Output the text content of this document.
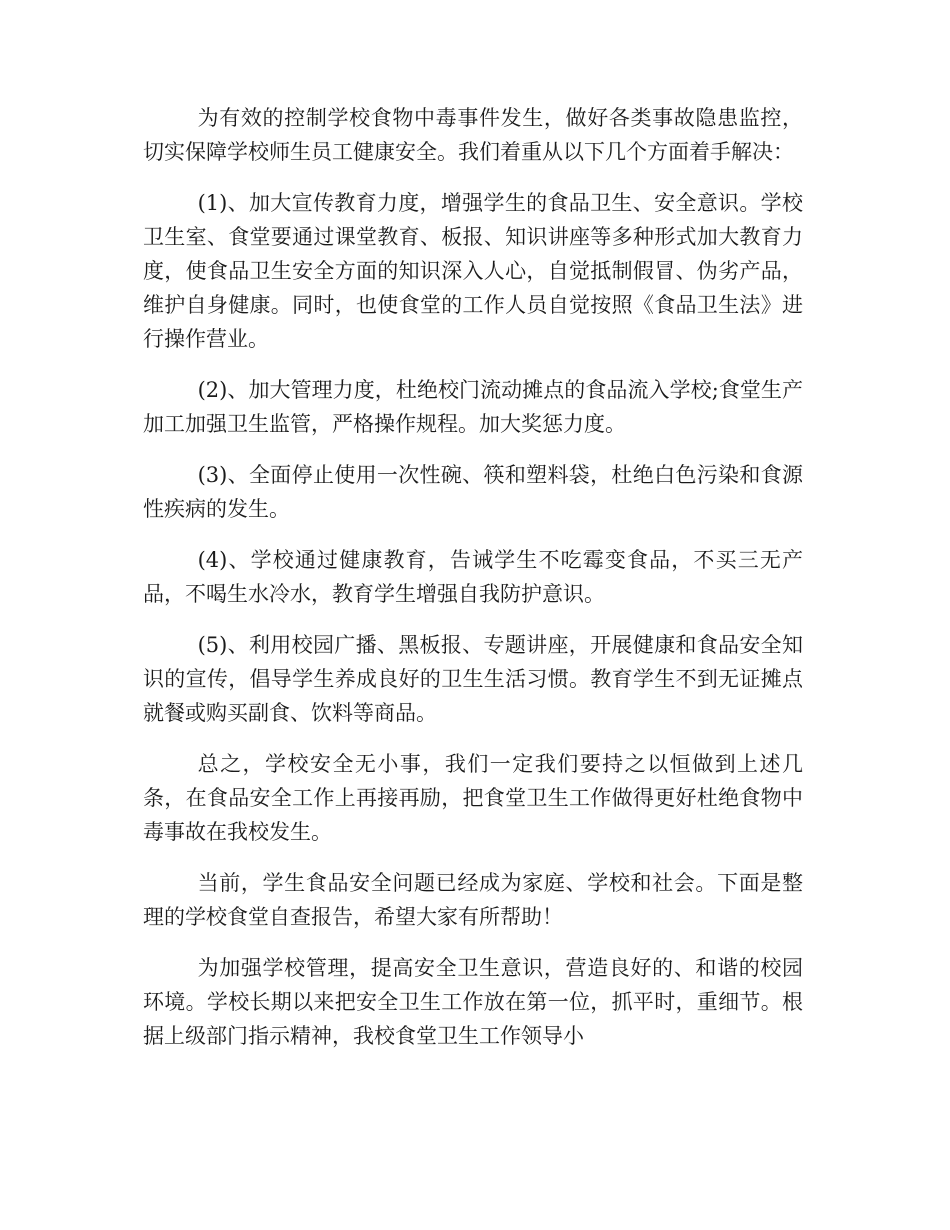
为有效的控制学校食物中毒事件发生，做好各类事故隐患监控，切实保障学校师生员工健康安全。我们着重从以下几个方面着手解决：

(1)、加大宣传教育力度，增强学生的食品卫生、安全意识。学校卫生室、食堂要通过课堂教育、板报、知识讲座等多种形式加大教育力度，使食品卫生安全方面的知识深入人心，自觉抵制假冒、伪劣产品，维护自身健康。同时，也使食堂的工作人员自觉按照《食品卫生法》进行操作营业。

(2)、加大管理力度，杜绝校门流动摊点的食品流入学校;食堂生产加工加强卫生监管，严格操作规程。加大奖惩力度。

(3)、全面停止使用一次性碗、筷和塑料袋，杜绝白色污染和食源性疾病的发生。

(4)、学校通过健康教育，告诫学生不吃霉变食品，不买三无产品，不喝生水冷水，教育学生增强自我防护意识。

(5)、利用校园广播、黑板报、专题讲座，开展健康和食品安全知识的宣传，倡导学生养成良好的卫生生活习惯。教育学生不到无证摊点就餐或购买副食、饮料等商品。

总之，学校安全无小事，我们一定我们要持之以恒做到上述几条，在食品安全工作上再接再励，把食堂卫生工作做得更好杜绝食物中毒事故在我校发生。

当前，学生食品安全问题已经成为家庭、学校和社会。下面是整理的学校食堂自查报告，希望大家有所帮助！

为加强学校管理，提高安全卫生意识，营造良好的、和谐的校园环境。学校长期以来把安全卫生工作放在第一位，抓平时，重细节。根据上级部门指示精神，我校食堂卫生工作领导小
